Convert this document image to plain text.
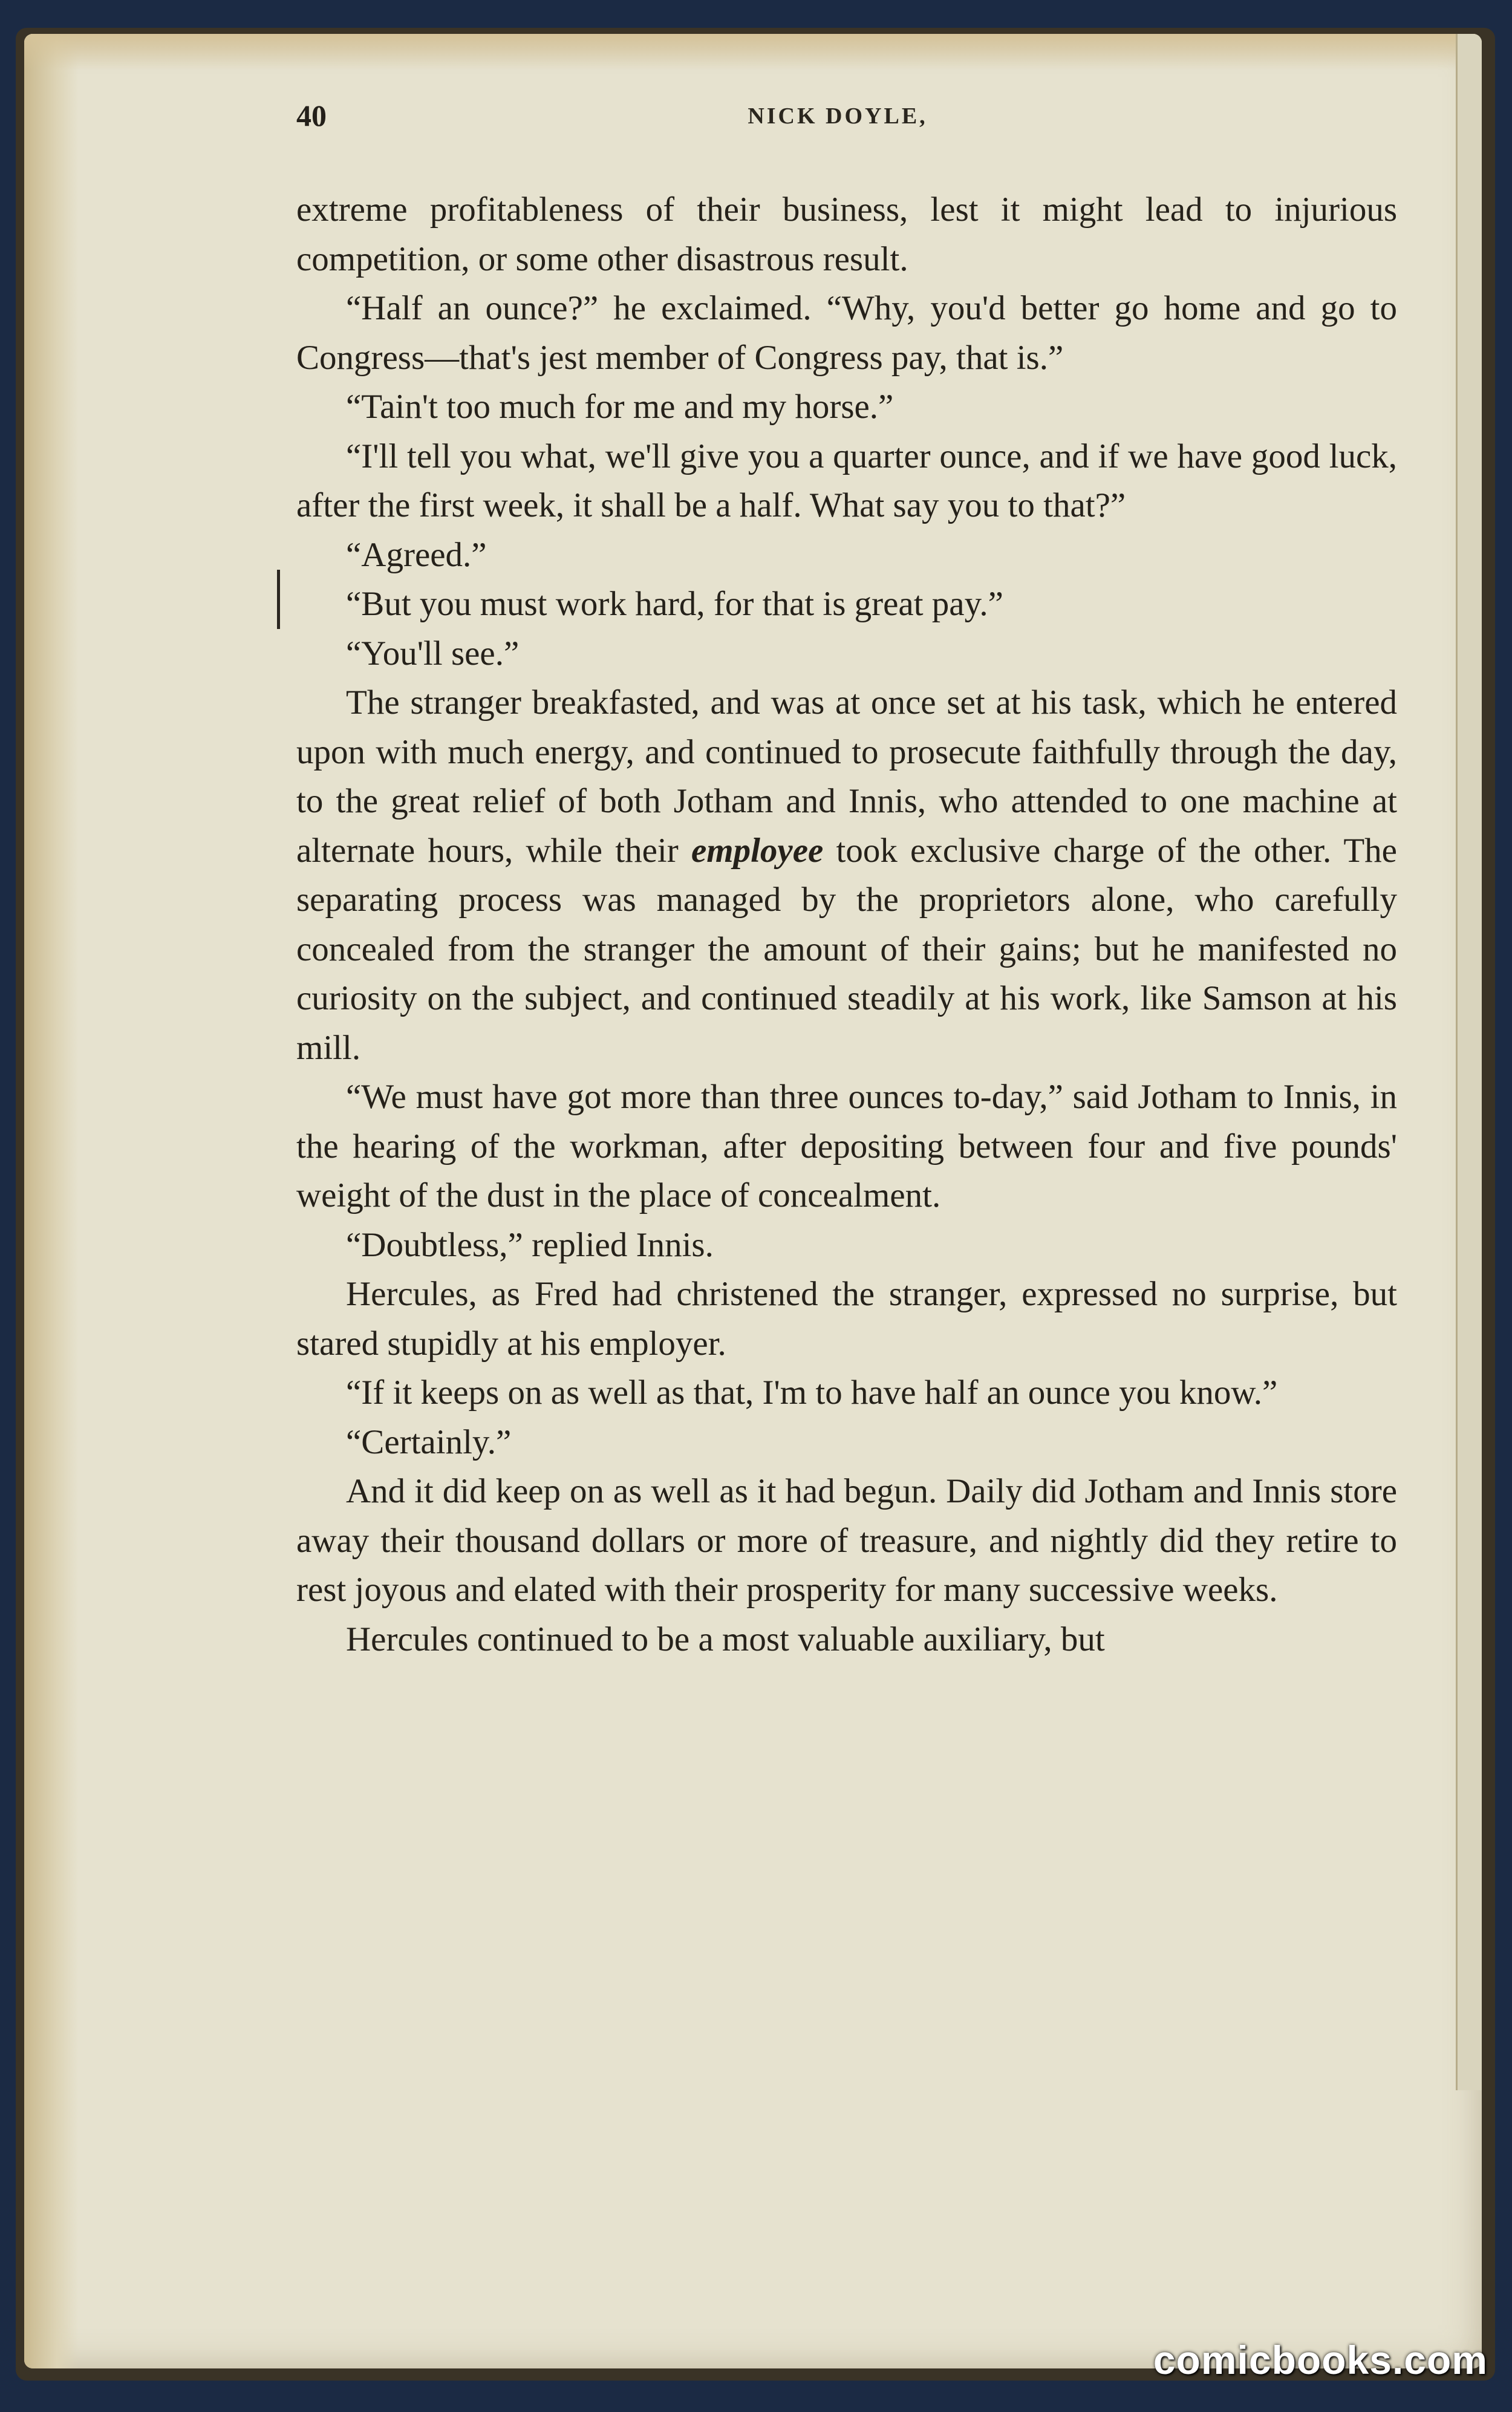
40	NICK DOYLE,

extreme profitableness of their business, lest it might lead to injurious competition, or some other disastrous result.

“Half an ounce?” he exclaimed. “Why, you'd better go home and go to Congress—that's jest member of Congress pay, that is.”

“Tain't too much for me and my horse.”

“I'll tell you what, we'll give you a quarter ounce, and if we have good luck, after the first week, it shall be a half. What say you to that?”

“Agreed.”

“But you must work hard, for that is great pay.”

“You'll see.”

The stranger breakfasted, and was at once set at his task, which he entered upon with much energy, and continued to prosecute faithfully through the day, to the great relief of both Jotham and Innis, who attended to one machine at alternate hours, while their employee took exclusive charge of the other. The separating process was managed by the proprietors alone, who carefully concealed from the stranger the amount of their gains; but he manifested no curiosity on the subject, and continued steadily at his work, like Samson at his mill.

“We must have got more than three ounces to-day,” said Jotham to Innis, in the hearing of the workman, after depositing between four and five pounds' weight of the dust in the place of concealment.

“Doubtless,” replied Innis.

Hercules, as Fred had christened the stranger, expressed no surprise, but stared stupidly at his employer.

“If it keeps on as well as that, I'm to have half an ounce you know.”

“Certainly.”

And it did keep on as well as it had begun. Daily did Jotham and Innis store away their thousand dollars or more of treasure, and nightly did they retire to rest joyous and elated with their prosperity for many successive weeks.

Hercules continued to be a most valuable auxiliary, but

comicbooks.com
